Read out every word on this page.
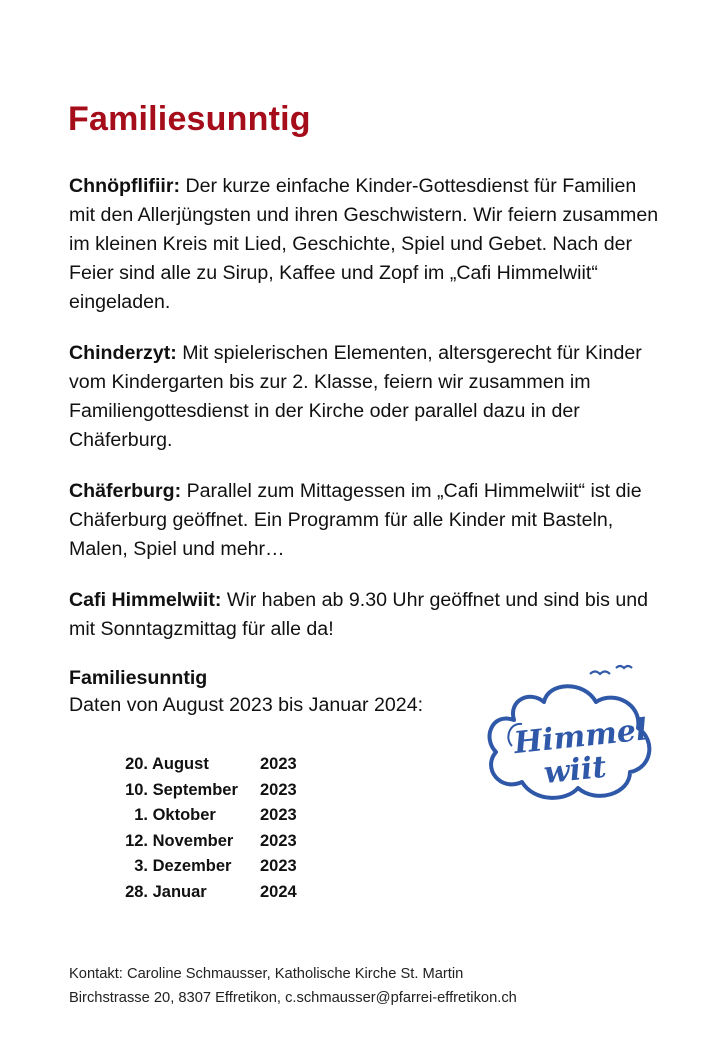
Familiesunntig

Chnöpflifiir: Der kurze einfache Kinder-Gottesdienst für Familien mit den Allerjüngsten und ihren Geschwistern. Wir feiern zusammen im kleinen Kreis mit Lied, Geschichte, Spiel und Gebet. Nach der Feier sind alle zu Sirup, Kaffee und Zopf im „Cafi Himmelwiit“ eingeladen.

Chinderzyt: Mit spielerischen Elementen, altersgerecht für Kinder vom Kindergarten bis zur 2. Klasse, feiern wir zusammen im Familiengottesdienst in der Kirche oder parallel dazu in der Chäferburg.

Chäferburg: Parallel zum Mittagessen im „Cafi Himmelwiit“ ist die Chäferburg geöffnet. Ein Programm für alle Kinder mit Basteln, Malen, Spiel und mehr…

Cafi Himmelwiit: Wir haben ab 9.30 Uhr geöffnet und sind bis und mit Sonntagzmittag für alle da!

Familiesunntig
Daten von August 2023 bis Januar 2024:
20. August	2023
10. September	2023
1. Oktober	2023
12. November	2023
3. Dezember	2023
28. Januar	2024
Himmel
wiit
Kontakt: Caroline Schmausser, Katholische Kirche St. Martin
Birchstrasse 20, 8307 Effretikon, c.schmausser@pfarrei-effretikon.ch
